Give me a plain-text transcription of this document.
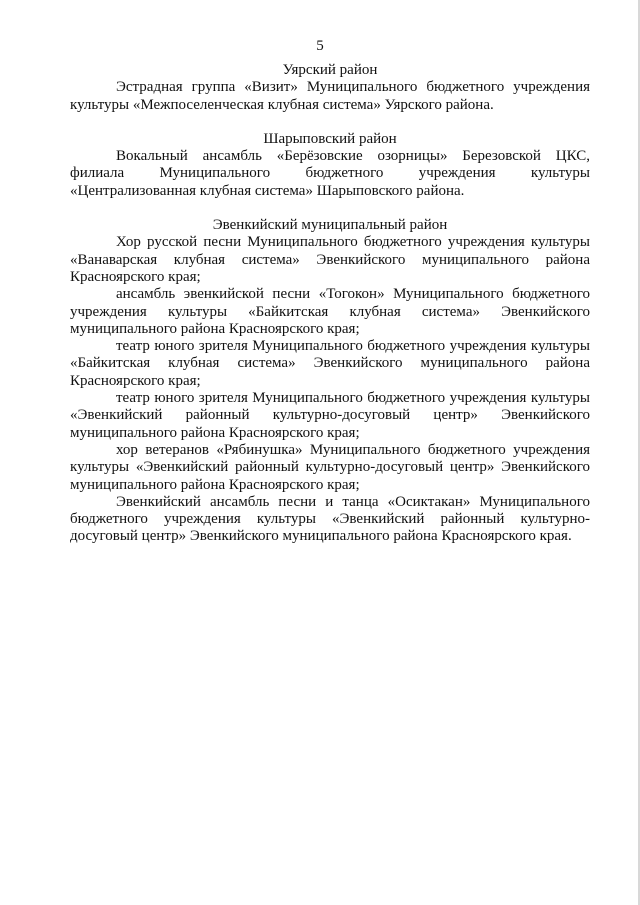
5

Уярский район

Эстрадная группа «Визит» Муниципального бюджетного учреждения культуры «Межпоселенческая клубная система» Уярского района.

Шарыповский район

Вокальный ансамбль «Берёзовские озорницы» Березовской ЦКС, филиала Муниципального бюджетного учреждения культуры «Централизованная клубная система» Шарыповского района.

Эвенкийский муниципальный район

Хор русской песни Муниципального бюджетного учреждения культуры «Ванаварская клубная система» Эвенкийского муниципального района Красноярского края;

ансамбль эвенкийской песни «Тогокон» Муниципального бюджетного учреждения культуры «Байкитская клубная система» Эвенкийского муниципального района Красноярского края;

театр юного зрителя Муниципального бюджетного учреждения культуры «Байкитская клубная система» Эвенкийского муниципального района Красноярского края;

театр юного зрителя Муниципального бюджетного учреждения культуры «Эвенкийский районный культурно-досуговый центр» Эвенкийского муниципального района Красноярского края;

хор ветеранов «Рябинушка» Муниципального бюджетного учреждения культуры «Эвенкийский районный культурно-досуговый центр» Эвенкийского муниципального района Красноярского края;

Эвенкийский ансамбль песни и танца «Осиктакан» Муниципального бюджетного учреждения культуры «Эвенкийский районный культурно-досуговый центр» Эвенкийского муниципального района Красноярского края.
